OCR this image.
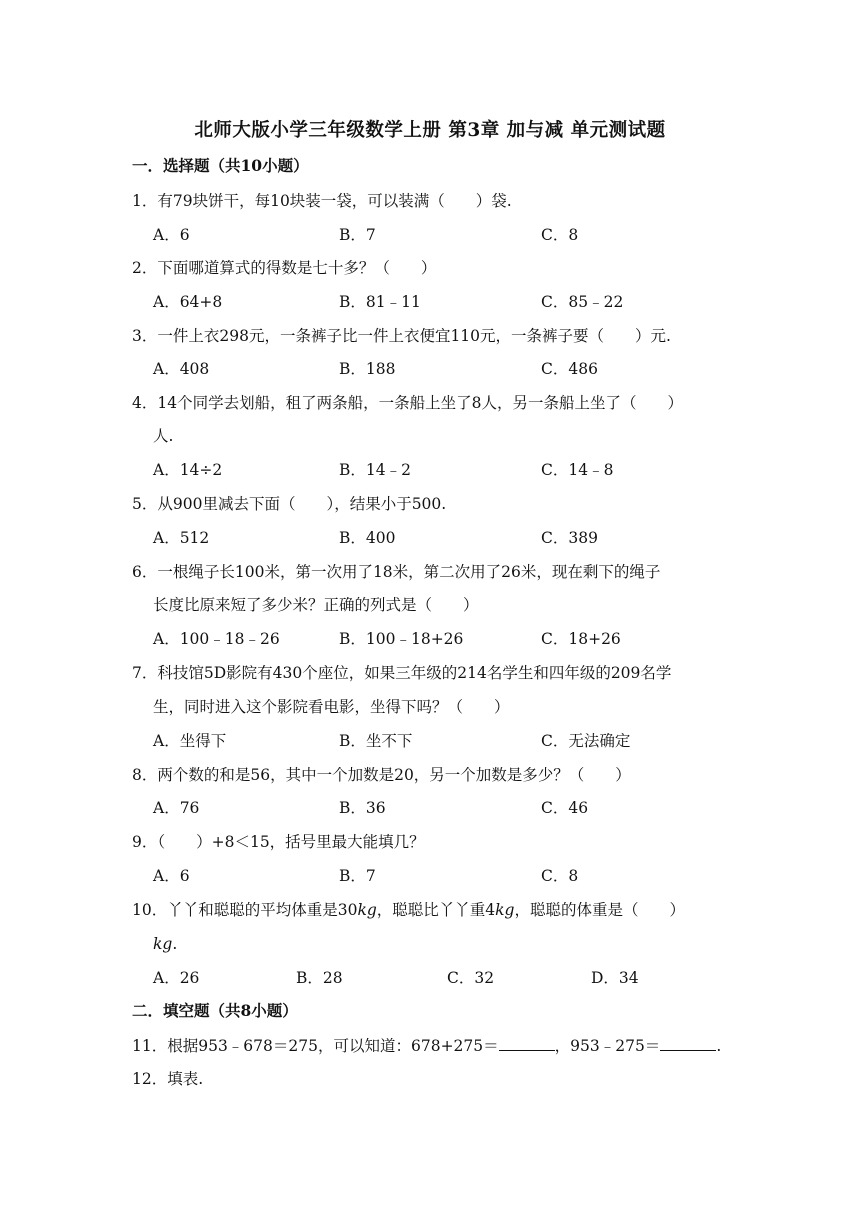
北师大版小学三年级数学上册 第3章 加与减 单元测试题
一．选择题（共10小题）
1．有79块饼干，每10块装一袋，可以装满（　　）袋.
A．6	B．7	C．8
2．下面哪道算式的得数是七十多？（　　）
A．64+8	B．81﹣11	C．85﹣22
3．一件上衣298元，一条裤子比一件上衣便宜110元，一条裤子要（　　）元.
A．408	B．188	C．486
4．14个同学去划船，租了两条船，一条船上坐了8人，另一条船上坐了（　　）
人.
A．14÷2	B．14﹣2	C．14﹣8
5．从900里减去下面（　　），结果小于500.
A．512	B．400	C．389
6．一根绳子长100米，第一次用了18米，第二次用了26米，现在剩下的绳子
长度比原来短了多少米？正确的列式是（　　）
A．100﹣18﹣26	B．100﹣18+26	C．18+26
7．科技馆5D影院有430个座位，如果三年级的214名学生和四年级的209名学
生，同时进入这个影院看电影，坐得下吗？（　　）
A．坐得下	B．坐不下	C．无法确定
8．两个数的和是56，其中一个加数是20，另一个加数是多少？（　　）
A．76	B．36	C．46
9．（　　）+8＜15，括号里最大能填几？
A．6	B．7	C．8
10．丫丫和聪聪的平均体重是30kg，聪聪比丫丫重4kg，聪聪的体重是（　　）
kg.
A．26	B．28	C．32	D．34
二．填空题（共8小题）
11．根据953﹣678＝275，可以知道：678+275＝	，953﹣275＝	.
12．填表.
